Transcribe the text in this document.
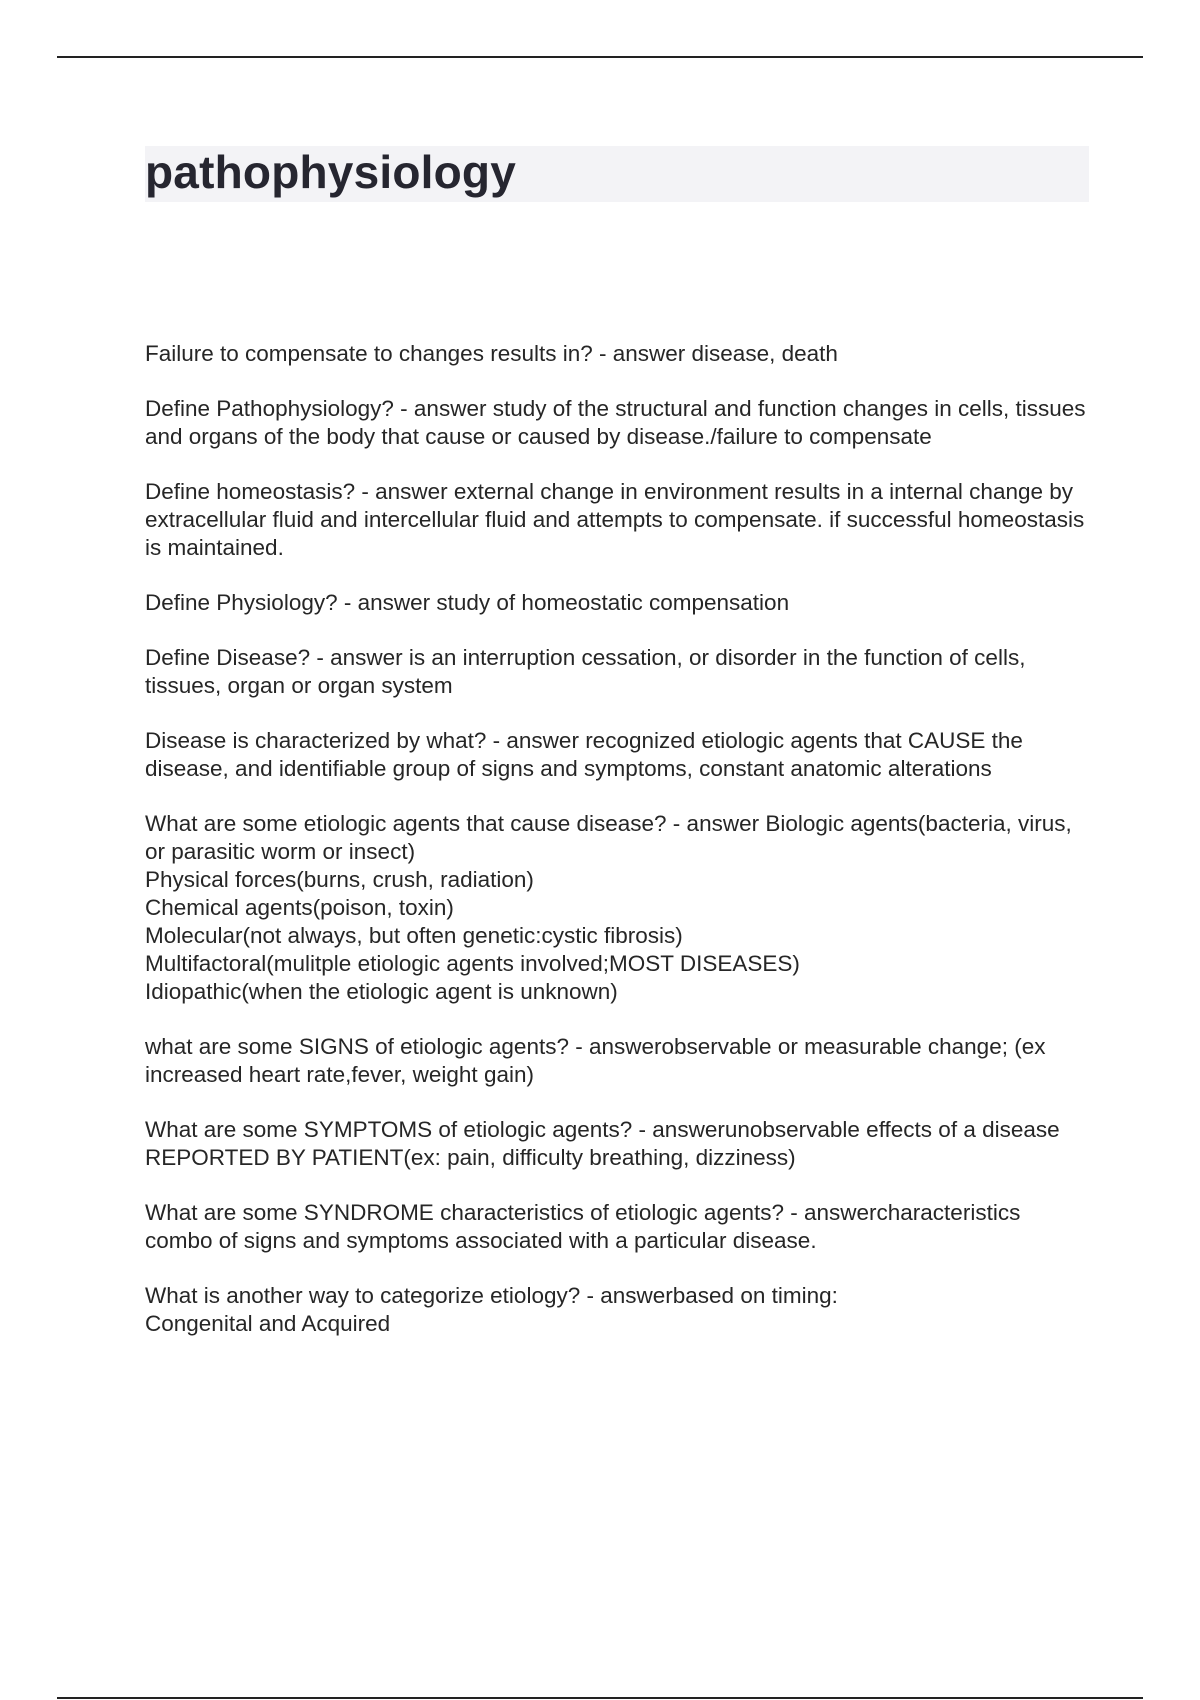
pathophysiology

Failure to compensate to changes results in? - answer disease, death

Define Pathophysiology? - answer study of the structural and function changes in cells, tissues and organs of the body that cause or caused by disease./failure to compensate

Define homeostasis? - answer external change in environment results in a internal change by extracellular fluid and intercellular fluid and attempts to compensate. if successful homeostasis is maintained.

Define Physiology? - answer study of homeostatic compensation

Define Disease? - answer is an interruption cessation, or disorder in the function of cells, tissues, organ or organ system

Disease is characterized by what? - answer recognized etiologic agents that CAUSE the disease, and identifiable group of signs and symptoms, constant anatomic alterations

What are some etiologic agents that cause disease? - answer Biologic agents(bacteria, virus, or parasitic worm or insect)
Physical forces(burns, crush, radiation)
Chemical agents(poison, toxin)
Molecular(not always, but often genetic:cystic fibrosis)
Multifactoral(mulitple etiologic agents involved;MOST DISEASES)
Idiopathic(when the etiologic agent is unknown)

what are some SIGNS of etiologic agents? - answerobservable or measurable change; (ex increased heart rate,fever, weight gain)

What are some SYMPTOMS of etiologic agents? - answerunobservable effects of a disease REPORTED BY PATIENT(ex: pain, difficulty breathing, dizziness)

What are some SYNDROME characteristics of etiologic agents? - answercharacteristics combo of signs and symptoms associated with a particular disease.

What is another way to categorize etiology? - answerbased on timing:
Congenital and Acquired
